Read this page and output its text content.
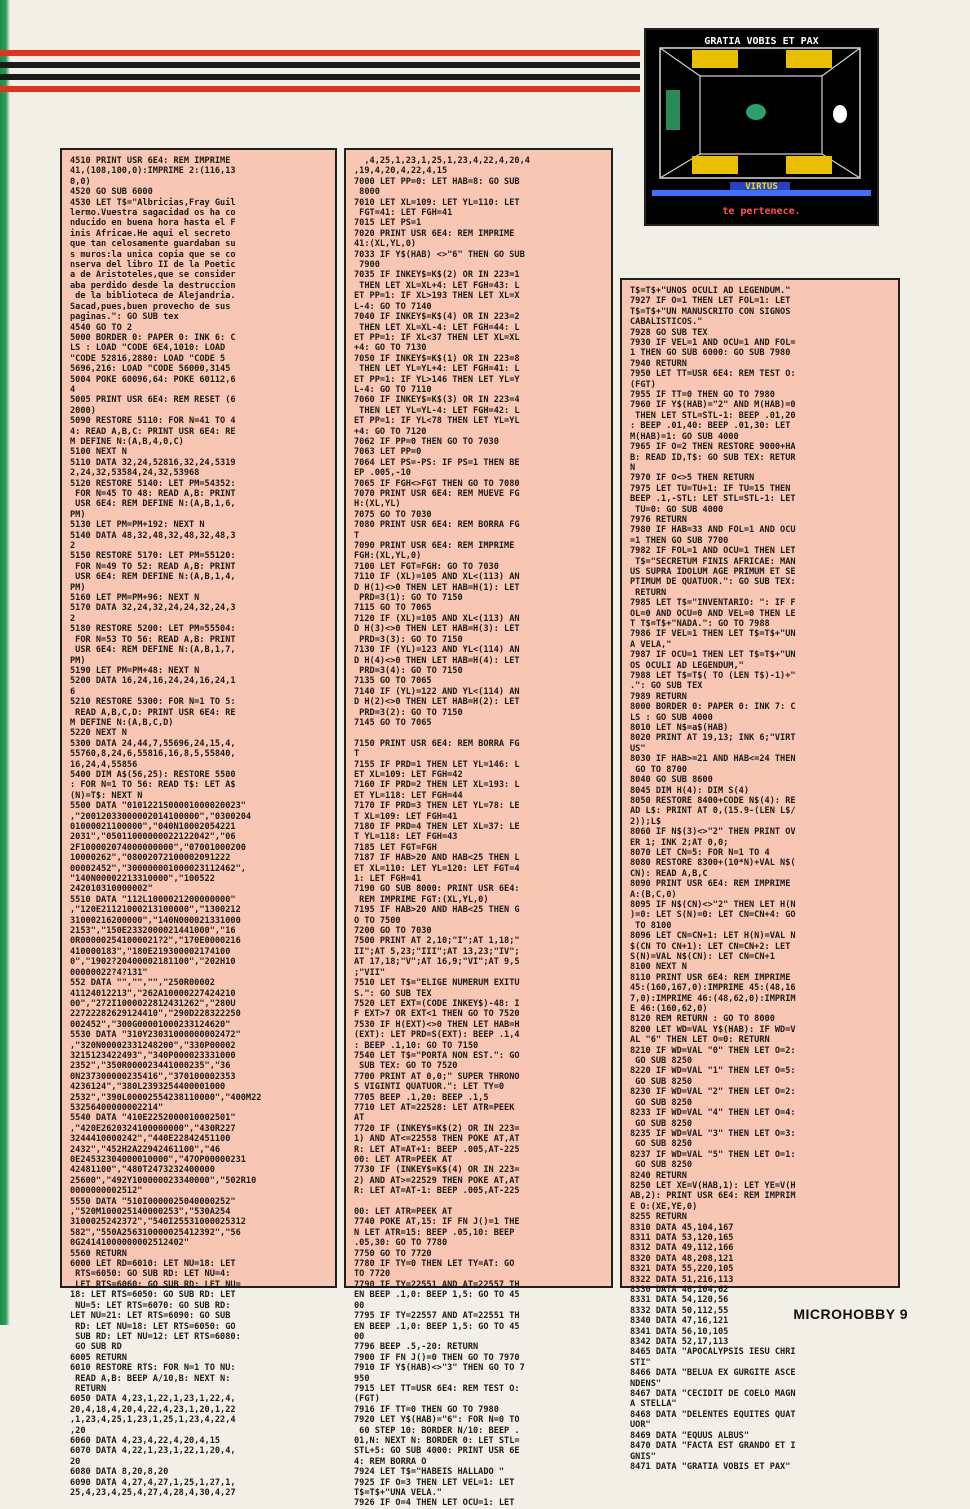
GRATIA VOBIS ET PAX
VIRTUS
te pertenece.
4510 PRINT USR 6E4: REM IMPRIME
41,(108,100,0):IMPRIME 2:(116,13
0,0)
4520 GO SUB 6000
4530 LET T$="Albricias,Fray Guil
lermo.Vuestra sagacidad os ha co
nducido en buena hora hasta el F
inis Africae.He aqui el secreto
que tan celosamente guardaban su
s muros:la unica copia que se co
nserva del libro II de la Poetic
a de Aristoteles,que se consider
aba perdido desde la destruccion
de la biblioteca de Alejandria.
Sacad,pues,buen provecho de sus
paginas.": GO SUB tex
4540 GO TO 2
5000 BORDER 0: PAPER 0: INK 6: C
LS : LOAD "CODE 6E4,1010: LOAD
"CODE 52816,2880: LOAD "CODE 5
5696,216: LOAD "CODE 56000,3145
5004 POKE 60096,64: POKE 60112,6
4
5005 PRINT USR 6E4: REM RESET (6
2000)
5090 RESTORE 5110: FOR N=41 TO 4
4: READ A,B,C: PRINT USR 6E4: RE
M DEFINE N:(A,B,4,0,C)
5100 NEXT N
5110 DATA 32,24,52816,32,24,5319
2,24,32,53584,24,32,53968
5120 RESTORE 5140: LET PM=54352:
FOR N=45 TO 48: READ A,B: PRINT
USR 6E4: REM DEFINE N:(A,B,1,6,
PM)
5130 LET PM=PM+192: NEXT N
5140 DATA 48,32,48,32,48,32,48,3
2
5150 RESTORE 5170: LET PM=55120:
FOR N=49 TO 52: READ A,B: PRINT
USR 6E4: REM DEFINE N:(A,B,1,4,
PM)
5160 LET PM=PM+96: NEXT N
5170 DATA 32,24,32,24,24,32,24,3
2
5180 RESTORE 5200: LET PM=55504:
FOR N=53 TO 56: READ A,B: PRINT
USR 6E4: REM DEFINE N:(A,B,1,7,
PM)
5190 LET PM=PM+48: NEXT N
5200 DATA 16,24,16,24,24,16,24,1
6
5210 RESTORE 5300: FOR N=1 TO 5:
READ A,B,C,D: PRINT USR 6E4: RE
M DEFINE N:(A,B,C,D)
5220 NEXT N
5300 DATA 24,44,7,55696,24,15,4,
55760,8,24,6,55816,16,8,5,55840,
16,24,4,55856
5400 DIM A$(56,25): RESTORE 5500
: FOR N=1 TO 56: READ T$: LET A$
(N)=T$: NEXT N
5500 DATA "0101221500001000020023"
,"20012033000002014100000","0300204
01000021100000","040N10002054221
2031","05011000000022122042","06
2F100002074000000000","07001000200
10000262","08002072100002091222
00002452","300000001000023112462",
"140N00002213310000","100522
242010310000002"
5510 DATA "112L1000021200000000"
,"120E21121000213100000","1300212
31000216200000","140N000021331000
2153","150E2332000021441000","16
0R000002541000021?2","170E0000216
410000183","180E219300002174100
0","1902?20400002181100","202H10
00000022?4?131"
552 DATA "","","","250R00002
41124012213","262A10000227424210
00","272I1000022812431262","280U
22722282629124410","290D228322250
002452","300G00001000233124620"
5530 DATA "310Y23031000000002472"
,"320N00002331248200","330P00002
3215123422493","340P000023331000
2352","350R000023441000235","36
0N237300000235416","370100002353
4236124","380L2393254400001000
2532","390L00002554238110000","400M22
53256400000002214"
5540 DATA "410E2252000010002501"
,"420E2620324100000000","430R227
3244410000242","440E22842451100
2432","452H2A22942461100","46
0E24532304000010000","47OP00000231
42481100","480T2473232400000
25600","492Y100000023340000","502R10
0000000002512"
5550 DATA "510I0000025040000252"
,"520M100025140000253","530A254
3100025242372","540I25531000025312
582","550A256310000025412392","56
0G24141000000002512402"
5560 RETURN
6000 LET RD=6010: LET NU=18: LET
RTS=6050: GO SUB RD: LET NU=4:
LET RTS=6060: GO SUB RD: LET NU=
18: LET RTS=6050: GO SUB RD: LET
NU=5: LET RTS=6070: GO SUB RD:
LET NU=21: LET RTS=6090: GO SUB
RD: LET NU=18: LET RTS=6050: GO
SUB RD: LET NU=12: LET RTS=6080:
GO SUB RD
6005 RETURN
6010 RESTORE RTS: FOR N=1 TO NU:
READ A,B: BEEP A/10,B: NEXT N:
RETURN
6050 DATA 4,23,1,22,1,23,1,22,4,
20,4,18,4,20,4,22,4,23,1,20,1,22
,1,23,4,25,1,23,1,25,1,23,4,22,4
,20
6060 DATA 4,23,4,22,4,20,4,15
6070 DATA 4,22,1,23,1,22,1,20,4,
20
6080 DATA 8,20,8,20
6090 DATA 4,27,4,27,1,25,1,27,1,
25,4,23,4,25,4,27,4,28,4,30,4,27
,4,25,1,23,1,25,1,23,4,22,4,20,4
,19,4,20,4,22,4,15
7000 LET PP=0: LET HAB=8: GO SUB
8000
7010 LET XL=109: LET YL=110: LET
FGT=41: LET FGH=41
7015 LET PS=1
7020 PRINT USR 6E4: REM IMPRIME
41:(XL,YL,0)
7033 IF Y$(HAB) <>"6" THEN GO SUB
7900
7035 IF INKEY$=K$(2) OR IN 223=1
THEN LET XL=XL+4: LET FGH=43: L
ET PP=1: IF XL>193 THEN LET XL=X
L-4: GO TO 7140
7040 IF INKEY$=K$(4) OR IN 223=2
THEN LET XL=XL-4: LET FGH=44: L
ET PP=1: IF XL<37 THEN LET XL=XL
+4: GO TO 7130
7050 IF INKEY$=K$(1) OR IN 223=8
THEN LET YL=YL+4: LET FGH=41: L
ET PP=1: IF YL>146 THEN LET YL=Y
L-4: GO TO 7110
7060 IF INKEY$=K$(3) OR IN 223=4
THEN LET YL=YL-4: LET FGH=42: L
ET PP=1: IF YL<78 THEN LET YL=YL
+4: GO TO 7120
7062 IF PP=0 THEN GO TO 7030
7063 LET PP=0
7064 LET PS=-PS: IF PS=1 THEN BE
EP .005,-10
7065 IF FGH<>FGT THEN GO TO 7080
7070 PRINT USR 6E4: REM MUEVE FG
H:(XL,YL)
7075 GO TO 7030
7080 PRINT USR 6E4: REM BORRA FG
T
7090 PRINT USR 6E4: REM IMPRIME
FGH:(XL,YL,0)
7100 LET FGT=FGH: GO TO 7030
7110 IF (XL)=105 AND XL<(113) AN
D H(1)<>0 THEN LET HAB=H(1): LET
PRD=3(1): GO TO 7150
7115 GO TO 7065
7120 IF (XL)=105 AND XL<(113) AN
D H(3)<>0 THEN LET HAB=H(3): LET
PRD=3(3): GO TO 7150
7130 IF (YL)=123 AND YL<(114) AN
D H(4)<>0 THEN LET HAB=H(4): LET
PRD=3(4): GO TO 7150
7135 GO TO 7065
7140 IF (YL)=122 AND YL<(114) AN
D H(2)<>0 THEN LET HAB=H(2): LET
PRD=3(2): GO TO 7150
7145 GO TO 7065

7150 PRINT USR 6E4: REM BORRA FG
T
7155 IF PRD=1 THEN LET YL=146: L
ET XL=109: LET FGH=42
7160 IF PRD=2 THEN LET XL=193: L
ET YL=118: LET FGH=44
7170 IF PRD=3 THEN LET YL=78: LE
T XL=109: LET FGH=41
7180 IF PRD=4 THEN LET XL=37: LE
T YL=118: LET FGH=43
7185 LET FGT=FGH
7187 IF HAB>20 AND HAB<25 THEN L
ET XL=110: LET YL=120: LET FGT=4
1: LET FGH=41
7190 GO SUB 8000: PRINT USR 6E4:
REM IMPRIME FGT:(XL,YL,0)
7195 IF HAB>20 AND HAB<25 THEN G
O TO 7500
7200 GO TO 7030
7500 PRINT AT 2,10;"I";AT 1,18;"
II";AT 5,23;"III";AT 13,23;"IV";
AT 17,18;"V";AT 16,9;"VI";AT 9,5
;"VII"
7510 LET T$="ELIGE NUMERUM EXITU
S.": GO SUB TEX
7520 LET EXT=(CODE INKEY$)-48: I
F EXT>7 OR EXT<1 THEN GO TO 7520
7530 IF H(EXT)<>0 THEN LET HAB=H
(EXT): LET PRD=S(EXT): BEEP .1,4
: BEEP .1,10: GO TO 7150
7540 LET T$="PORTA NON EST.": GO
SUB TEX: GO TO 7520
7700 PRINT AT 0,0;" SUPER THRONO
S VIGINTI QUATUOR.": LET TY=0
7705 BEEP .1,20: BEEP .1,5
7710 LET AT=22528: LET ATR=PEEK
AT
7720 IF (INKEY$=K$(2) OR IN 223=
1) AND AT<=22558 THEN POKE AT,AT
R: LET AT=AT+1: BEEP .005,AT-225
00: LET ATR=PEEK AT
7730 IF (INKEY$=K$(4) OR IN 223=
2) AND AT>=22529 THEN POKE AT,AT
R: LET AT=AT-1: BEEP .005,AT-225

00: LET ATR=PEEK AT
7740 POKE AT,15: IF FN J()=1 THE
N LET ATR=15: BEEP .05,10: BEEP
.05,30: GO TO 7780
7750 GO TO 7720
7780 IF TY=0 THEN LET TY=AT: GO
TO 7720
7790 IF TY=22551 AND AT=22557 TH
EN BEEP .1,0: BEEP 1,5: GO TO 45
00
7795 IF TY=22557 AND AT=22551 TH
EN BEEP .1,0: BEEP 1,5: GO TO 45
00
7796 BEEP .5,-20: RETURN
7900 IF FN J()=0 THEN GO TO 7970
7910 IF Y$(HAB)<>"3" THEN GO TO 7
950
7915 LET TT=USR 6E4: REM TEST O:
(FGT)
7916 IF TT=0 THEN GO TO 7980
7920 LET Y$(HAB)="6": FOR N=0 TO
60 STEP 10: BORDER N/10: BEEP .
01,N: NEXT N: BORDER 0: LET STL=
STL+5: GO SUB 4000: PRINT USR 6E
4: REM BORRA O
7924 LET T$="HABEIS HALLADO "
7925 IF O=3 THEN LET VEL=1: LET
T$=T$+"UNA VELA."
7926 IF O=4 THEN LET OCU=1: LET
T$=T$+"UNOS OCULI AD LEGENDUM."
7927 IF O=1 THEN LET FOL=1: LET
T$=T$+"UN MANUSCRITO CON SIGNOS
CABALISTICOS."
7928 GO SUB TEX
7930 IF VEL=1 AND OCU=1 AND FOL=
1 THEN GO SUB 6000: GO SUB 7980
7940 RETURN
7950 LET TT=USR 6E4: REM TEST O:
(FGT)
7955 IF TT=0 THEN GO TO 7980
7960 IF Y$(HAB)="2" AND M(HAB)=0
THEN LET STL=STL-1: BEEP .01,20
: BEEP .01,40: BEEP .01,30: LET
M(HAB)=1: GO SUB 4000
7965 IF O=2 THEN RESTORE 9000+HA
B: READ ID,T$: GO SUB TEX: RETUR
N
7970 IF O<>5 THEN RETURN
7975 LET TU=TU+1: IF TU=15 THEN
BEEP .1,-STL: LET STL=STL-1: LET
TU=0: GO SUB 4000
7976 RETURN
7980 IF HAB=33 AND FOL=1 AND OCU
=1 THEN GO SUB 7700
7982 IF FOL=1 AND OCU=1 THEN LET
T$="SECRETUM FINIS AFRICAE: MAN
US SUPRA IDOLUM AGE PRIMUM ET SE
PTIMUM DE QUATUOR.": GO SUB TEX:
RETURN
7985 LET T$="INVENTARIO: ": IF F
OL=0 AND OCU=0 AND VEL=0 THEN LE
T T$=T$+"NADA.": GO TO 7988
7986 IF VEL=1 THEN LET T$=T$+"UN
A VELA,"
7987 IF OCU=1 THEN LET T$=T$+"UN
OS OCULI AD LEGENDUM,"
7988 LET T$=T$( TO (LEN T$)-1)+"
.": GO SUB TEX
7989 RETURN
8000 BORDER 0: PAPER 0: INK 7: C
LS : GO SUB 4000
8010 LET N$=a$(HAB)
8020 PRINT AT 19,13; INK 6;"VIRT
US"
8030 IF HAB>=21 AND HAB<=24 THEN
GO TO 8700
8040 GO SUB 8600
8045 DIM H(4): DIM S(4)
8050 RESTORE 8400+CODE N$(4): RE
AD L$: PRINT AT 0,(15.9-(LEN L$/
2));L$
8060 IF N$(3)<>"2" THEN PRINT OV
ER 1; INK 2;AT 0,0;
8070 LET CN=5: FOR N=1 TO 4
8080 RESTORE 8300+(10*N)+VAL N$(
CN): READ A,B,C
8090 PRINT USR 6E4: REM IMPRIME
A:(B,C,0)
8095 IF N$(CN)<>"2" THEN LET H(N
)=0: LET S(N)=0: LET CN=CN+4: GO
TO 8100
8096 LET CN=CN+1: LET H(N)=VAL N
$(CN TO CN+1): LET CN=CN+2: LET
S(N)=VAL N$(CN): LET CN=CN+1
8100 NEXT N
8110 PRINT USR 6E4: REM IMPRIME
45:(160,167,0):IMPRIME 45:(48,16
7,0):IMPRIME 46:(48,62,0):IMPRIM
E 46:(160,62,0)
8120 REM RETURN : GO TO 8000
8200 LET WD=VAL Y$(HAB): IF WD=V
AL "6" THEN LET O=0: RETURN
8210 IF WD=VAL "0" THEN LET O=2:
GO SUB 8250
8220 IF WD=VAL "1" THEN LET O=5:
GO SUB 8250
8230 IF WD=VAL "2" THEN LET O=2:
GO SUB 8250
8233 IF WD=VAL "4" THEN LET O=4:
GO SUB 8250
8235 IF WD=VAL "3" THEN LET O=3:
GO SUB 8250
8237 IF WD=VAL "5" THEN LET O=1:
GO SUB 8250
8240 RETURN
8250 LET XE=V(HAB,1): LET YE=V(H
AB,2): PRINT USR 6E4: REM IMPRIM
E O:(XE,YE,0)
8255 RETURN
8310 DATA 45,104,167
8311 DATA 53,120,165
8312 DATA 49,112,166
8320 DATA 48,208,121
8321 DATA 55,220,105
8322 DATA 51,216,113
8330 DATA 46,104,62
8331 DATA 54,120,56
8332 DATA 50,112,55
8340 DATA 47,16,121
8341 DATA 56,10,105
8342 DATA 52,17,113
8465 DATA "APOCALYPSIS IESU CHRI
STI"
8466 DATA "BELUA EX GURGITE ASCE
NDENS"
8467 DATA "CECIDIT DE COELO MAGN
A STELLA"
8468 DATA "DELENTES EQUITES QUAT
UOR"
8469 DATA "EQUUS ALBUS"
8470 DATA "FACTA EST GRANDO ET I
GNIS"
8471 DATA "GRATIA VOBIS ET PAX"
MICROHOBBY 9
